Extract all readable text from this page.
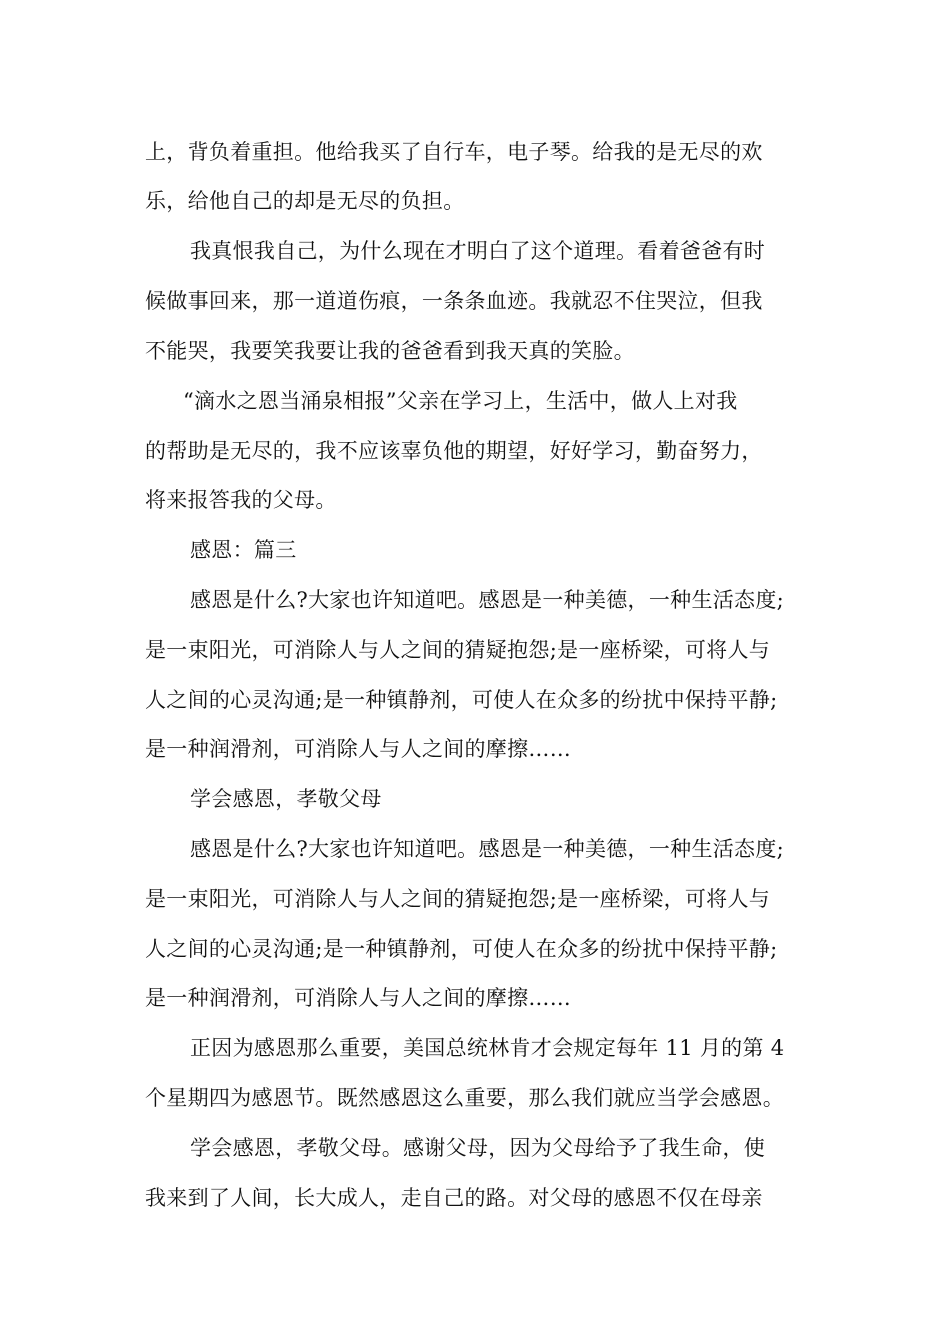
上，背负着重担。他给我买了自行车，电子琴。给我的是无尽的欢
乐，给他自己的却是无尽的负担。
我真恨我自己，为什么现在才明白了这个道理。看着爸爸有时
候做事回来，那一道道伤痕，一条条血迹。我就忍不住哭泣，但我
不能哭，我要笑我要让我的爸爸看到我天真的笑脸。
“滴水之恩当涌泉相报”父亲在学习上，生活中，做人上对我
的帮助是无尽的，我不应该辜负他的期望，好好学习，勤奋努力，
将来报答我的父母。
感恩：篇三
感恩是什么?大家也许知道吧。感恩是一种美德，一种生活态度;
是一束阳光，可消除人与人之间的猜疑抱怨;是一座桥梁，可将人与
人之间的心灵沟通;是一种镇静剂，可使人在众多的纷扰中保持平静;
是一种润滑剂，可消除人与人之间的摩擦……
学会感恩，孝敬父母
感恩是什么?大家也许知道吧。感恩是一种美德，一种生活态度;
是一束阳光，可消除人与人之间的猜疑抱怨;是一座桥梁，可将人与
人之间的心灵沟通;是一种镇静剂，可使人在众多的纷扰中保持平静;
是一种润滑剂，可消除人与人之间的摩擦……
正因为感恩那么重要，美国总统林肯才会规定每年 11 月的第 4
个星期四为感恩节。既然感恩这么重要，那么我们就应当学会感恩。
学会感恩，孝敬父母。感谢父母，因为父母给予了我生命，使
我来到了人间，长大成人，走自己的路。对父母的感恩不仅在母亲
